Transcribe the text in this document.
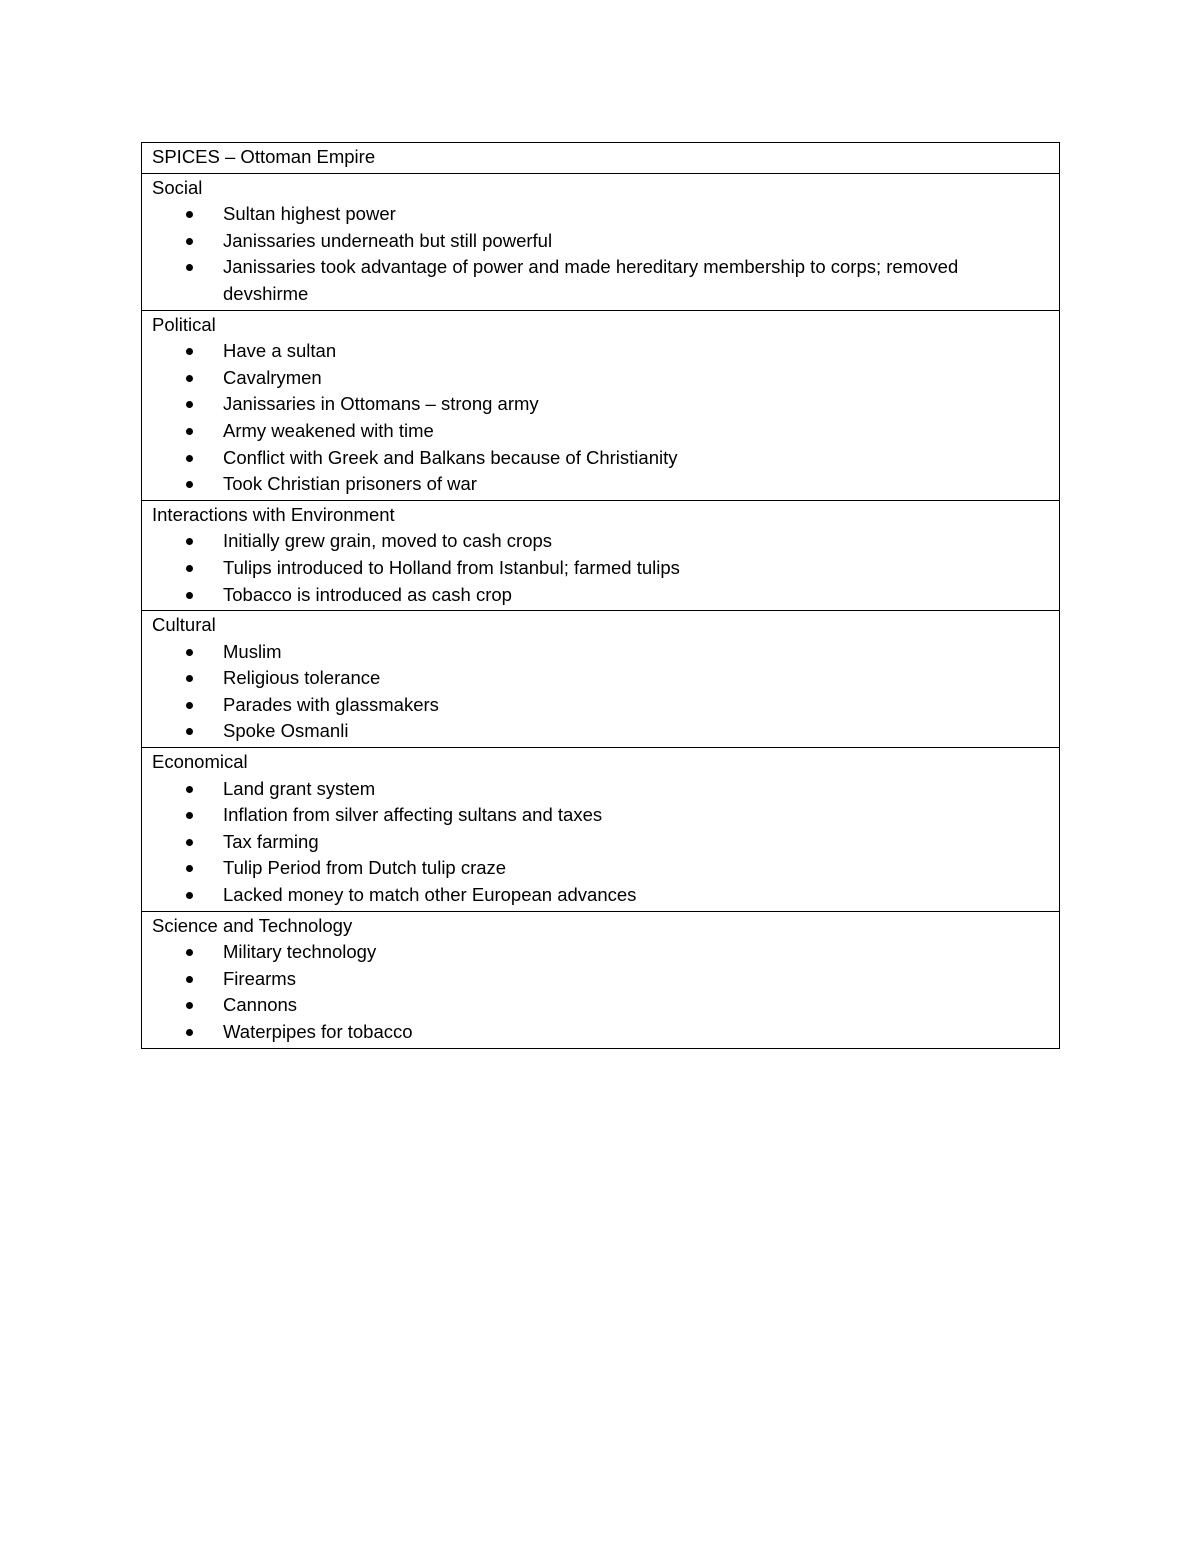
SPICES – Ottoman Empire

Social
Sultan highest power
Janissaries underneath but still powerful
Janissaries took advantage of power and made hereditary membership to corps; removed devshirme

Political
Have a sultan
Cavalrymen
Janissaries in Ottomans – strong army
Army weakened with time
Conflict with Greek and Balkans because of Christianity
Took Christian prisoners of war

Interactions with Environment
Initially grew grain, moved to cash crops
Tulips introduced to Holland from Istanbul; farmed tulips
Tobacco is introduced as cash crop

Cultural
Muslim
Religious tolerance
Parades with glassmakers
Spoke Osmanli

Economical
Land grant system
Inflation from silver affecting sultans and taxes
Tax farming
Tulip Period from Dutch tulip craze
Lacked money to match other European advances

Science and Technology
Military technology
Firearms
Cannons
Waterpipes for tobacco
